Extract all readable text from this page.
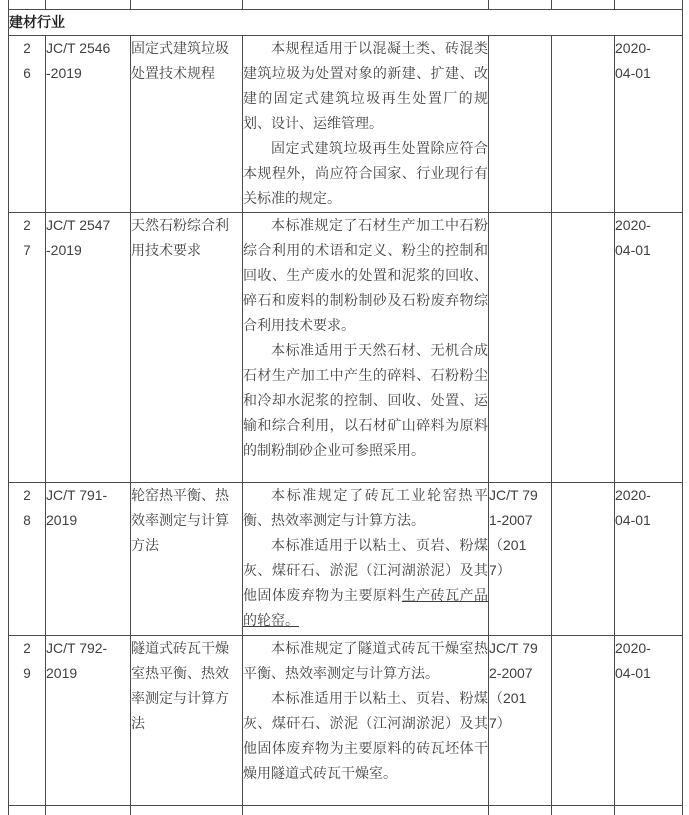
建材行业						
26	JC/T 2546-2019	固定式建筑垃圾处置技术规程	本规程适用于以混凝土类、砖混类建筑垃圾为处置对象的新建、扩建、改建的固定式建筑垃圾再生处置厂的规划、设计、运维管理。

固定式建筑垃圾再生处置除应符合本规程外，尚应符合国家、行业现行有关标准的规定。			2020-04-01
27	JC/T 2547-2019	天然石粉综合利用技术要求	本标准规定了石材生产加工中石粉综合利用的术语和定义、粉尘的控制和回收、生产废水的处置和泥浆的回收、碎石和废料的制粉制砂及石粉废弃物综合利用技术要求。

本标准适用于天然石材、无机合成石材生产加工中产生的碎料、石粉粉尘和冷却水泥浆的控制、回收、处置、运输和综合利用，以石材矿山碎料为原料的制粉制砂企业可参照采用。			2020-04-01
28	JC/T 791-2019	轮窑热平衡、热效率测定与计算方法	本标准规定了砖瓦工业轮窑热平衡、热效率测定与计算方法。

本标准适用于以粘土、页岩、粉煤灰、煤矸石、淤泥（江河湖淤泥）及其他固体废弃物为主要原料生产砖瓦产品的轮窑。	JC/T 791-2007（2017）		2020-04-01
29	JC/T 792-2019	隧道式砖瓦干燥室热平衡、热效率测定与计算方法	本标准规定了隧道式砖瓦干燥室热平衡、热效率测定与计算方法。

本标准适用于以粘土、页岩、粉煤灰、煤矸石、淤泥（江河湖淤泥）及其他固体废弃物为主要原料的砖瓦坯体干燥用隧道式砖瓦干燥室。	JC/T 792-2007（2017）		2020-04-01
